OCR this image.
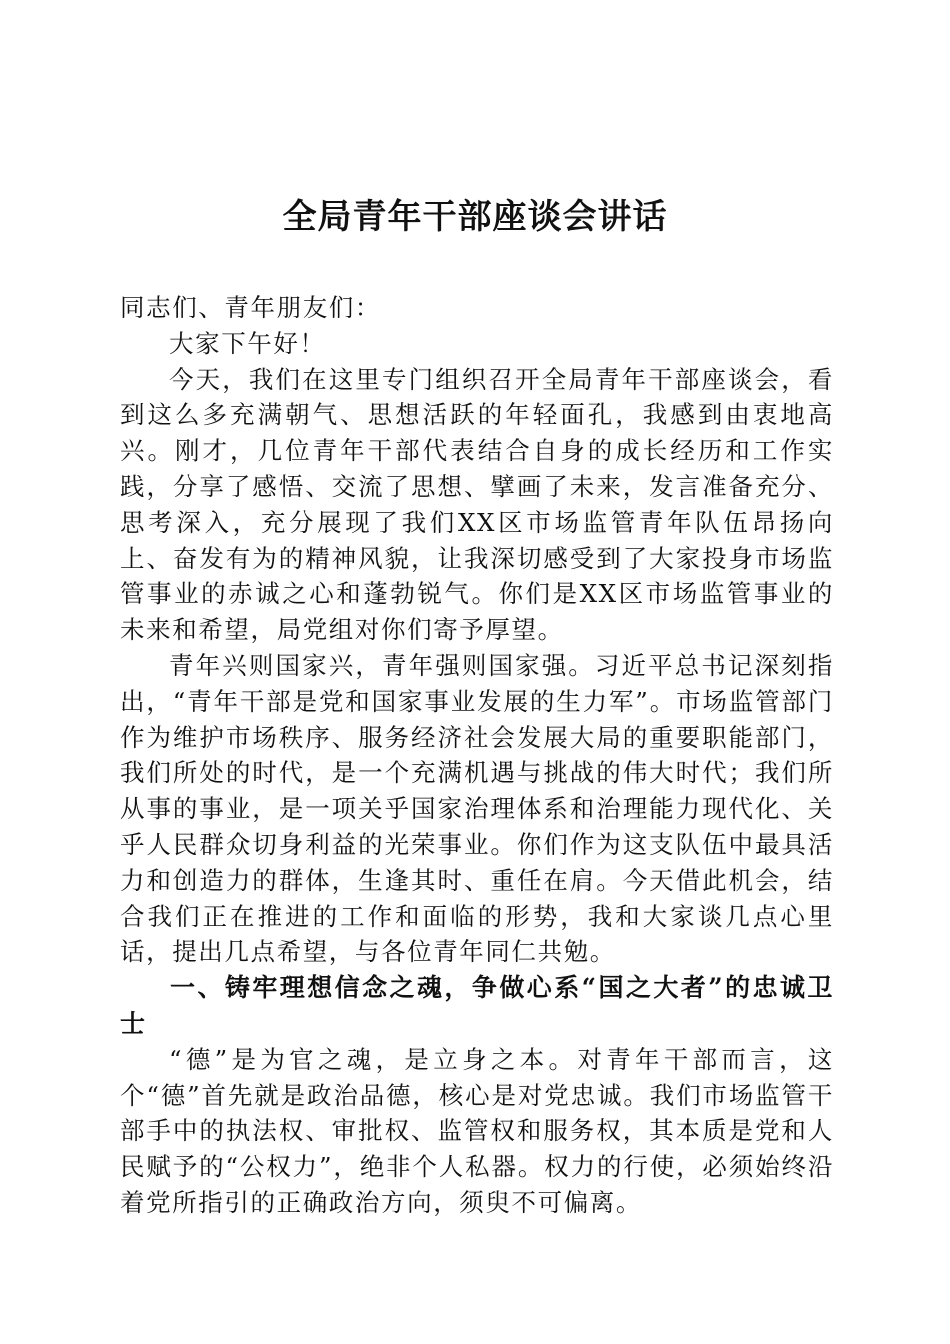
全局青年干部座谈会讲话

同志们、青年朋友们：

大家下午好！

今天，我们在这里专门组织召开全局青年干部座谈会，看到这么多充满朝气、思想活跃的年轻面孔，我感到由衷地高兴。刚才，几位青年干部代表结合自身的成长经历和工作实践，分享了感悟、交流了思想、擘画了未来，发言准备充分、思考深入，充分展现了我们XX区市场监管青年队伍昂扬向上、奋发有为的精神风貌，让我深切感受到了大家投身市场监管事业的赤诚之心和蓬勃锐气。你们是XX区市场监管事业的未来和希望，局党组对你们寄予厚望。

青年兴则国家兴，青年强则国家强。习近平总书记深刻指出，“青年干部是党和国家事业发展的生力军”。市场监管部门作为维护市场秩序、服务经济社会发展大局的重要职能部门，我们所处的时代，是一个充满机遇与挑战的伟大时代；我们所从事的事业，是一项关乎国家治理体系和治理能力现代化、关乎人民群众切身利益的光荣事业。你们作为这支队伍中最具活力和创造力的群体，生逢其时、重任在肩。今天借此机会，结合我们正在推进的工作和面临的形势，我和大家谈几点心里话，提出几点希望，与各位青年同仁共勉。

一、铸牢理想信念之魂，争做心系“国之大者”的忠诚卫士

“德”是为官之魂，是立身之本。对青年干部而言，这个“德”首先就是政治品德，核心是对党忠诚。我们市场监管干部手中的执法权、审批权、监管权和服务权，其本质是党和人民赋予的“公权力”，绝非个人私器。权力的行使，必须始终沿着党所指引的正确政治方向，须臾不可偏离。
